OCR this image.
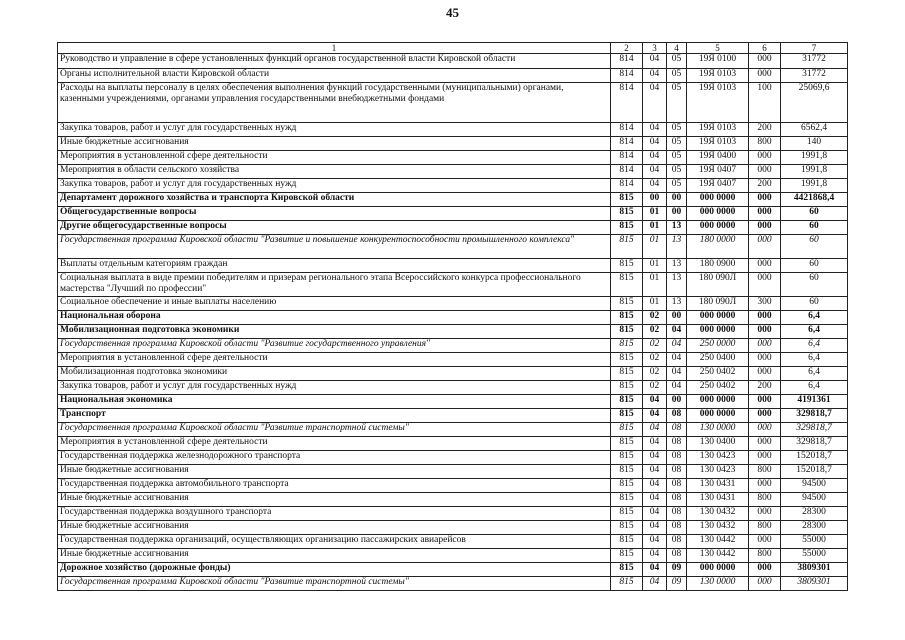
45
1	2	3	4	5	6	7
Руководство и управление в сфере установленных функций органов государственной власти Кировской области	814	04	05	19Я 0100	000	31772
Органы исполнительной власти Кировской области	814	04	05	19Я 0103	000	31772
Расходы на выплаты персоналу в целях обеспечения выполнения функций государственными (муниципальными) органами, казенными учреждениями, органами управления государственными внебюджетными фондами	814	04	05	19Я 0103	100	25069,6
Закупка товаров, работ и услуг для государственных нужд	814	04	05	19Я 0103	200	6562,4
Иные бюджетные ассигнования	814	04	05	19Я 0103	800	140
Мероприятия в установленной сфере деятельности	814	04	05	19Я 0400	000	1991,8
Мероприятия в области сельского хозяйства	814	04	05	19Я 0407	000	1991,8
Закупка товаров, работ и услуг для государственных нужд	814	04	05	19Я 0407	200	1991,8
Департамент дорожного хозяйства и транспорта Кировской области	815	00	00	000 0000	000	4421868,4
Общегосударственные вопросы	815	01	00	000 0000	000	60
Другие общегосударственные вопросы	815	01	13	000 0000	000	60
Государственная программа Кировской области "Развитие и повышение конкурентоспособности промышленного комплекса"	815	01	13	180 0000	000	60
Выплаты отдельным категориям граждан	815	01	13	180 0900	000	60
Социальная выплата в виде премии победителям и призерам регионального этапа Всероссийского конкурса профессионального мастерства "Лучший по профессии"	815	01	13	180 090Л	000	60
Социальное обеспечение и иные выплаты населению	815	01	13	180 090Л	300	60
Национальная оборона	815	02	00	000 0000	000	6,4
Мобилизационная подготовка экономики	815	02	04	000 0000	000	6,4
Государственная программа Кировской области "Развитие государственного управления"	815	02	04	250 0000	000	6,4
Мероприятия в установленной сфере деятельности	815	02	04	250 0400	000	6,4
Мобилизационная подготовка экономики	815	02	04	250 0402	000	6,4
Закупка товаров, работ и услуг для государственных нужд	815	02	04	250 0402	200	6,4
Национальная экономика	815	04	00	000 0000	000	4191361
Транспорт	815	04	08	000 0000	000	329818,7
Государственная программа Кировской области "Развитие транспортной системы"	815	04	08	130 0000	000	329818,7
Мероприятия в установленной сфере деятельности	815	04	08	130 0400	000	329818,7
Государственная поддержка железнодорожного транспорта	815	04	08	130 0423	000	152018,7
Иные бюджетные ассигнования	815	04	08	130 0423	800	152018,7
Государственная поддержка автомобильного транспорта	815	04	08	130 0431	000	94500
Иные бюджетные ассигнования	815	04	08	130 0431	800	94500
Государственная поддержка воздушного транспорта	815	04	08	130 0432	000	28300
Иные бюджетные ассигнования	815	04	08	130 0432	800	28300
Государственная поддержка организаций, осуществляющих организацию пассажирских авиарейсов	815	04	08	130 0442	000	55000
Иные бюджетные ассигнования	815	04	08	130 0442	800	55000
Дорожное хозяйство (дорожные фонды)	815	04	09	000 0000	000	3809301
Государственная программа Кировской области "Развитие транспортной системы"	815	04	09	130 0000	000	3809301
